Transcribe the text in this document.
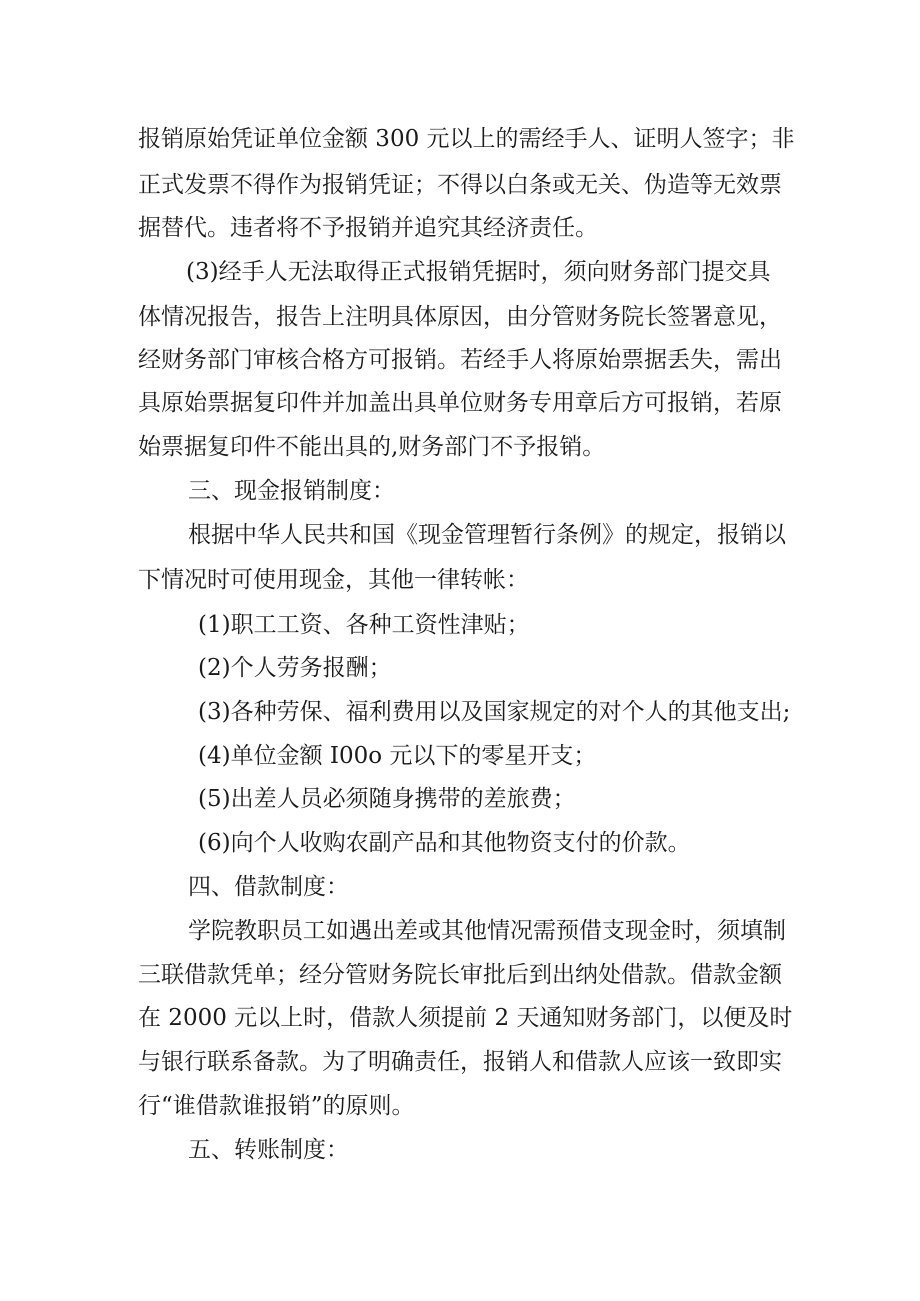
报销原始凭证单位金额 300 元以上的需经手人、证明人签字；非
正式发票不得作为报销凭证；不得以白条或无关、伪造等无效票
据替代。违者将不予报销并追究其经济责任。
(3)经手人无法取得正式报销凭据时，须向财务部门提交具
体情况报告，报告上注明具体原因，由分管财务院长签署意见，
经财务部门审核合格方可报销。若经手人将原始票据丢失，需出
具原始票据复印件并加盖出具单位财务专用章后方可报销，若原
始票据复印件不能出具的,财务部门不予报销。
三、现金报销制度：
根据中华人民共和国《现金管理暂行条例》的规定，报销以
下情况时可使用现金，其他一律转帐：
(1)职工工资、各种工资性津贴；
(2)个人劳务报酬；
(3)各种劳保、福利费用以及国家规定的对个人的其他支出;
(4)单位金额 I00o 元以下的零星开支；
(5)出差人员必须随身携带的差旅费；
(6)向个人收购农副产品和其他物资支付的价款。
四、借款制度：
学院教职员工如遇出差或其他情况需预借支现金时，须填制
三联借款凭单；经分管财务院长审批后到出纳处借款。借款金额
在 2000 元以上时，借款人须提前 2 天通知财务部门，以便及时
与银行联系备款。为了明确责任，报销人和借款人应该一致即实
行“谁借款谁报销”的原则。
五、转账制度：
